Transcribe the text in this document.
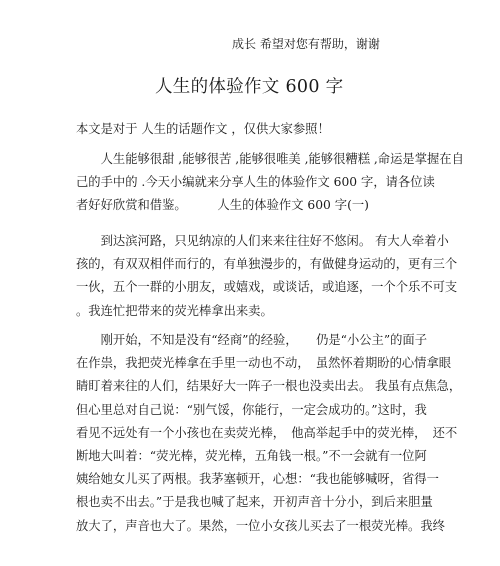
成长 希望对您有帮助，谢谢
人生的体验作文 600 字
本文是对于 人生的话题作文 ，仅供大家参照！
　　人生能够很甜 ,能够很苦 ,能够很唯美 ,能够很糟糕 ,命运是掌握在自
己的手中的 .今天小编就来分享人生的体验作文 600 字，请各位读
者好好欣赏和借鉴。　　　人生的体验作文 600 字(一)
　　到达滨河路，只见纳凉的人们来来往往好不悠闲。 有大人牵着小
孩的，有双双相伴而行的，有单独漫步的，有做健身运动的，更有三个
一伙，五个一群的小朋友，或嬉戏，或谈话，或追逐，一个个乐不可支
。我连忙把带来的荧光棒拿出来卖。
　　刚开始，不知是没有“经商”的经验，　　仍是“小公主”的面子
在作祟，我把荧光棒拿在手里一动也不动，　虽然怀着期盼的心情拿眼
睛盯着来往的人们，结果好大一阵子一根也没卖出去。 我虽有点焦急，
但心里总对自己说：“别气馁，你能行，一定会成功的。”这时，我
看见不远处有一个小孩也在卖荧光棒，　他高举起手中的荧光棒，　还不
断地大叫着：“荧光棒，荧光棒，五角钱一根。”不一会就有一位阿
姨给她女儿买了两根。我茅塞顿开，心想：“我也能够喊呀，省得一
根也卖不出去。”于是我也喊了起来，开初声音十分小，到后来胆量
放大了，声音也大了。果然，一位小女孩儿买去了一根荧光棒。我终
